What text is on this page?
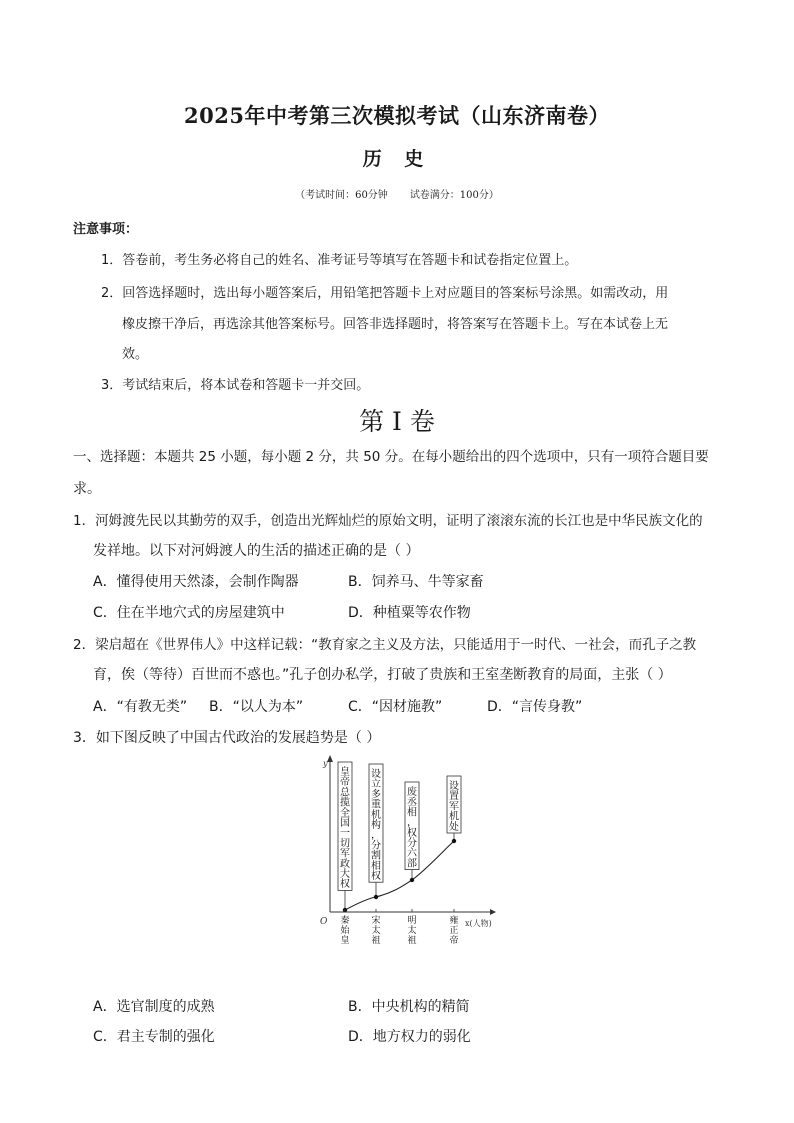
2025年中考第三次模拟考试（山东济南卷）
历 史
（考试时间：60分钟 试卷满分：100分）
注意事项：
1．答卷前，考生务必将自己的姓名、准考证号等填写在答题卡和试卷指定位置上。
2．回答选择题时，选出每小题答案后，用铅笔把答题卡上对应题目的答案标号涂黑。如需改动，用
橡皮擦干净后，再选涂其他答案标号。回答非选择题时，将答案写在答题卡上。写在本试卷上无
效。
3．考试结束后，将本试卷和答题卡一并交回。
第 I 卷
一、选择题：本题共 25 小题，每小题 2 分，共 50 分。在每小题给出的四个选项中，只有一项符合题目要
求。
1．河姆渡先民以其勤劳的双手，创造出光辉灿烂的原始文明，证明了滚滚东流的长江也是中华民族文化的
发祥地。以下对河姆渡人的生活的描述正确的是（ ）
A．懂得使用天然漆，会制作陶器	B．饲养马、牛等家畜
C．住在半地穴式的房屋建筑中	D．种植粟等农作物
2．梁启超在《世界伟人》中这样记载：“教育家之主义及方法，只能适用于一时代、一社会，而孔子之教
育，俟（等待）百世而不惑也。”孔子创办私学，打破了贵族和王室垄断教育的局面，主张（ ）
A．“有教无类” B．“以人为本”	C．“因材施教”	D．“言传身教”
3．如下图反映了中国古代政治的发展趋势是（ ）
y
O	x(人物)
皇帝总揽全国一切军政大权
秦始皇
设立多重机构，分割相权
宋太祖
废丞相，权分六部
明太祖
设置军机处
雍正帝
A．选官制度的成熟	B．中央机构的精简
C．君主专制的强化	D．地方权力的弱化
